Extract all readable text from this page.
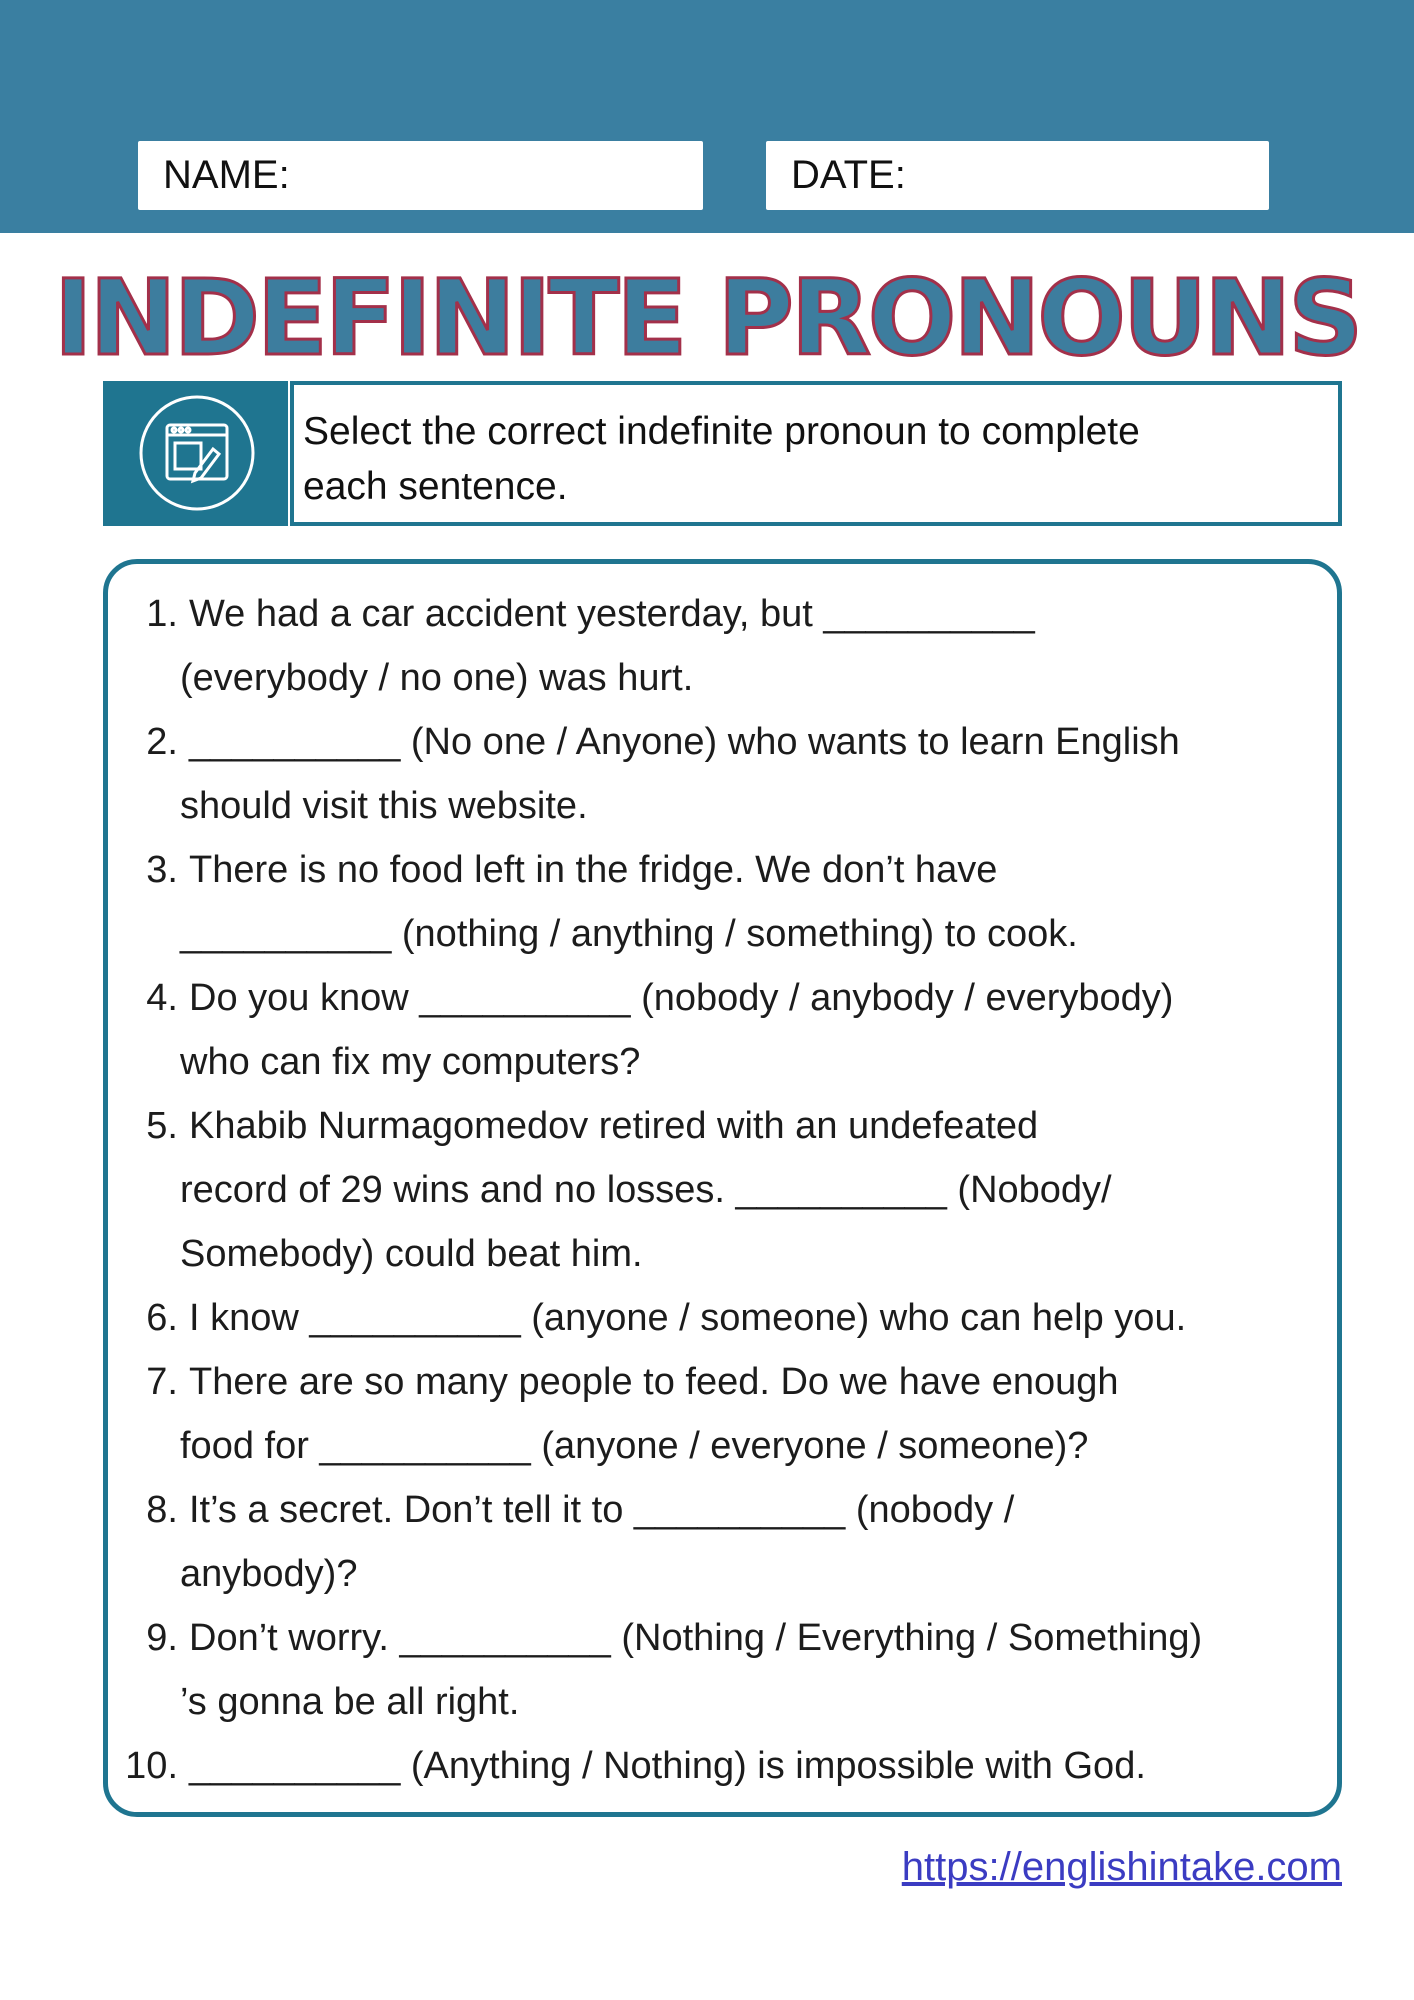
NAME:	DATE:
INDEFINITE PRONOUNS
Select the correct indefinite pronoun to complete
each sentence.
1. We had a car accident yesterday, but __________
(everybody / no one) was hurt.
2. __________ (No one / Anyone) who wants to learn English
should visit this website.
3. There is no food left in the fridge. We don’t have
__________ (nothing / anything / something) to cook.
4. Do you know __________ (nobody / anybody / everybody)
who can fix my computers?
5. Khabib Nurmagomedov retired with an undefeated
record of 29 wins and no losses. __________ (Nobody/
Somebody) could beat him.
6. I know __________ (anyone / someone) who can help you.
7. There are so many people to feed. Do we have enough
food for __________ (anyone / everyone / someone)?
8. It’s a secret. Don’t tell it to __________ (nobody /
anybody)?
9. Don’t worry. __________ (Nothing / Everything / Something)
’s gonna be all right.
10. __________ (Anything / Nothing) is impossible with God.
https://englishintake.com
